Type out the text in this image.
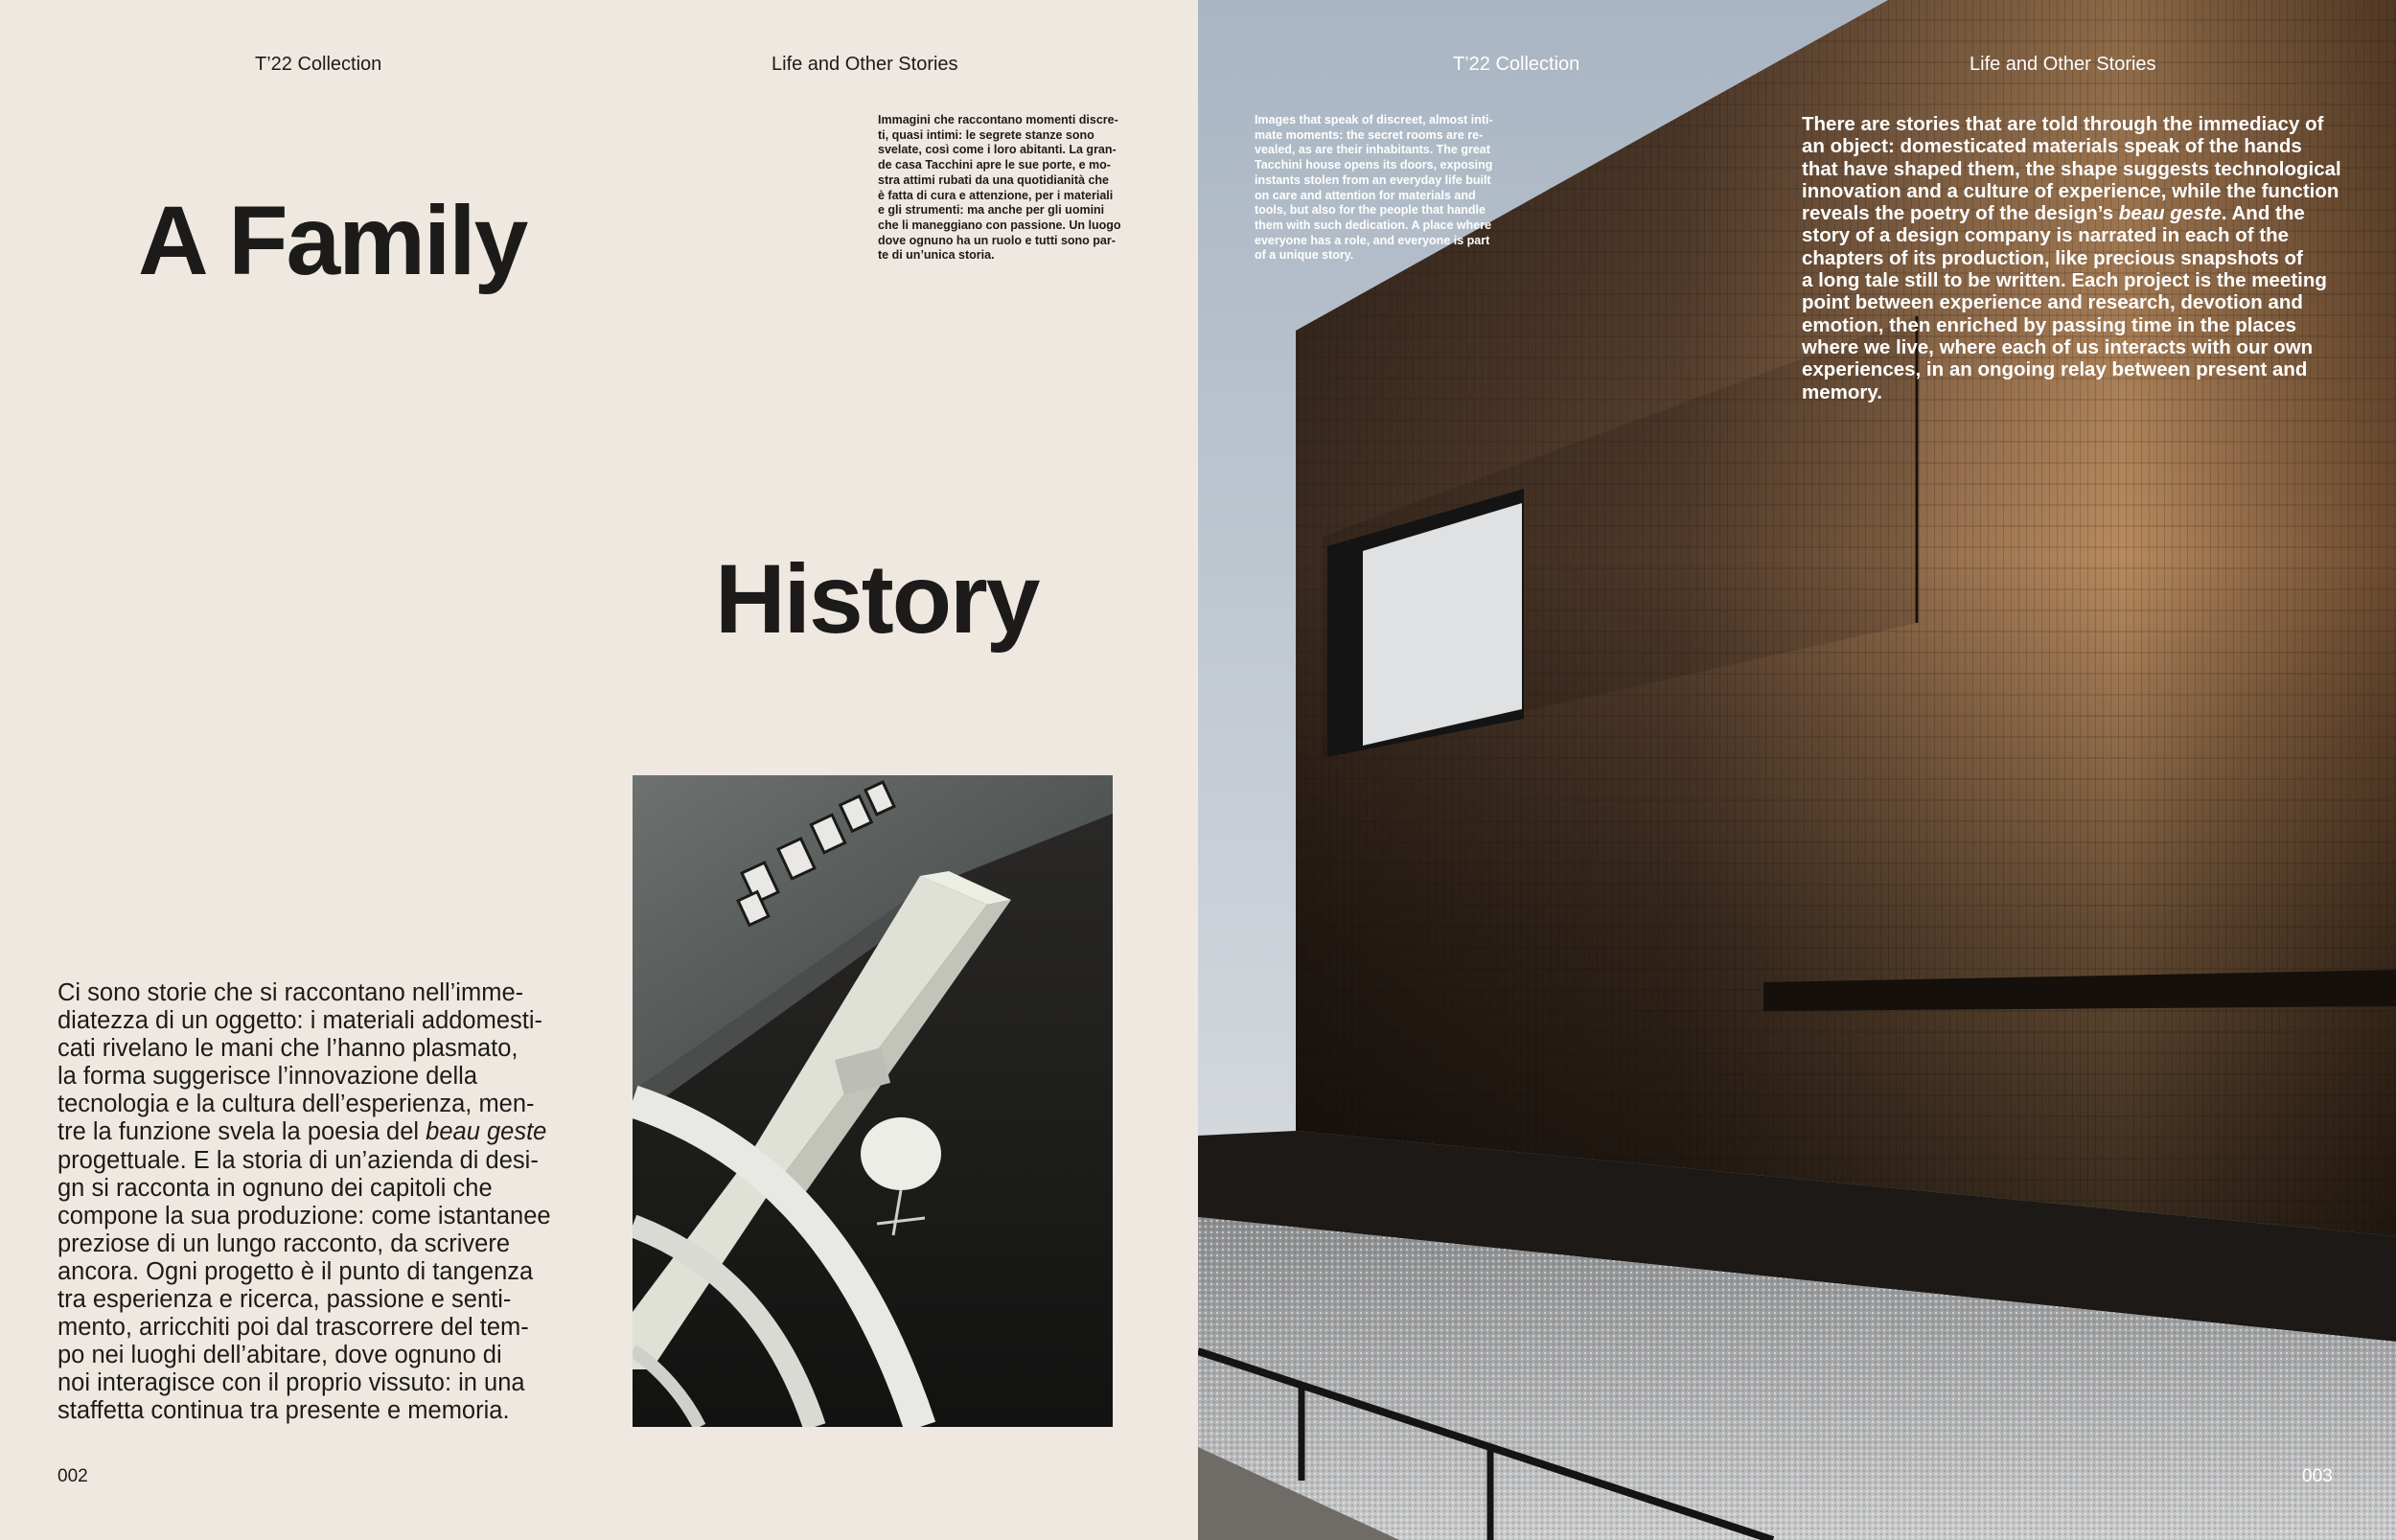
T’22 Collection	Life and Other Stories
A Family
History
Immagini che raccontano momenti discre-
ti, quasi intimi: le segrete stanze sono
svelate, così come i loro abitanti. La gran-
de casa Tacchini apre le sue porte, e mo-
stra attimi rubati da una quotidianità che
è fatta di cura e attenzione, per i materiali
e gli strumenti: ma anche per gli uomini
che li maneggiano con passione. Un luogo
dove ognuno ha un ruolo e tutti sono par-
te di un’unica storia.
Ci sono storie che si raccontano nell’imme-
diatezza di un oggetto: i materiali addomesti-
cati rivelano le mani che l’hanno plasmato,
la forma suggerisce l’innovazione della
tecnologia e la cultura dell’esperienza, men-
tre la funzione svela la poesia del beau geste
progettuale. E la storia di un’azienda di desi-
gn si racconta in ognuno dei capitoli che
compone la sua produzione: come istantanee
preziose di un lungo racconto, da scrivere
ancora. Ogni progetto è il punto di tangenza
tra esperienza e ricerca, passione e senti-
mento, arricchiti poi dal trascorrere del tem-
po nei luoghi dell’abitare, dove ognuno di
noi interagisce con il proprio vissuto: in una
staffetta continua tra presente e memoria.
002
T’22 Collection	Life and Other Stories
Images that speak of discreet, almost inti-
mate moments: the secret rooms are re-
vealed, as are their inhabitants. The great
Tacchini house opens its doors, exposing
instants stolen from an everyday life built
on care and attention for materials and
tools, but also for the people that handle
them with such dedication. A place where
everyone has a role, and everyone is part
of a unique story.
There are stories that are told through the immediacy of
an object: domesticated materials speak of the hands
that have shaped them, the shape suggests technological
innovation and a culture of experience, while the function
reveals the poetry of the design’s beau geste. And the
story of a design company is narrated in each of the
chapters of its production, like precious snapshots of
a long tale still to be written. Each project is the meeting
point between experience and research, devotion and
emotion, then enriched by passing time in the places
where we live, where each of us interacts with our own
experiences, in an ongoing relay between present and
memory.
003
